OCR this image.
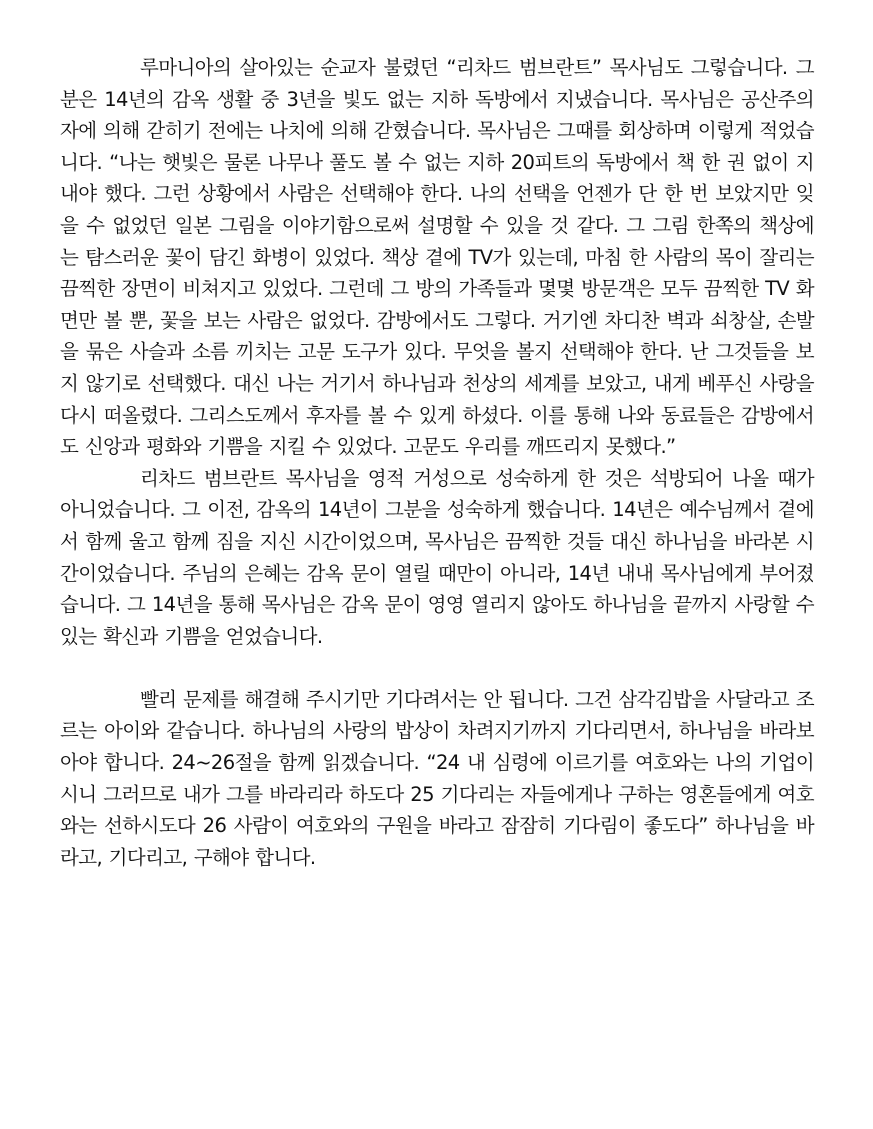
루마니아의 살아있는 순교자 불렸던 “리차드 범브란트” 목사님도 그렇습니다. 그분은 14년의 감옥 생활 중 3년을 빛도 없는 지하 독방에서 지냈습니다. 목사님은 공산주의자에 의해 갇히기 전에는 나치에 의해 갇혔습니다. 목사님은 그때를 회상하며 이렇게 적었습니다. “나는 햇빛은 물론 나무나 풀도 볼 수 없는 지하 20피트의 독방에서 책 한 권 없이 지내야 했다. 그런 상황에서 사람은 선택해야 한다. 나의 선택을 언젠가 단 한 번 보았지만 잊을 수 없었던 일본 그림을 이야기함으로써 설명할 수 있을 것 같다. 그 그림 한쪽의 책상에는 탐스러운 꽃이 담긴 화병이 있었다. 책상 곁에 TV가 있는데, 마침 한 사람의 목이 잘리는 끔찍한 장면이 비쳐지고 있었다. 그런데 그 방의 가족들과 몇몇 방문객은 모두 끔찍한 TV 화면만 볼 뿐, 꽃을 보는 사람은 없었다. 감방에서도 그렇다. 거기엔 차디찬 벽과 쇠창살, 손발을 묶은 사슬과 소름 끼치는 고문 도구가 있다. 무엇을 볼지 선택해야 한다. 난 그것들을 보지 않기로 선택했다. 대신 나는 거기서 하나님과 천상의 세계를 보았고, 내게 베푸신 사랑을 다시 떠올렸다. 그리스도께서 후자를 볼 수 있게 하셨다. 이를 통해 나와 동료들은 감방에서도 신앙과 평화와 기쁨을 지킬 수 있었다. 고문도 우리를 깨뜨리지 못했다.”

리차드 범브란트 목사님을 영적 거성으로 성숙하게 한 것은 석방되어 나올 때가 아니었습니다. 그 이전, 감옥의 14년이 그분을 성숙하게 했습니다. 14년은 예수님께서 곁에서 함께 울고 함께 짐을 지신 시간이었으며, 목사님은 끔찍한 것들 대신 하나님을 바라본 시간이었습니다. 주님의 은혜는 감옥 문이 열릴 때만이 아니라, 14년 내내 목사님에게 부어졌습니다. 그 14년을 통해 목사님은 감옥 문이 영영 열리지 않아도 하나님을 끝까지 사랑할 수 있는 확신과 기쁨을 얻었습니다.

빨리 문제를 해결해 주시기만 기다려서는 안 됩니다. 그건 삼각김밥을 사달라고 조르는 아이와 같습니다. 하나님의 사랑의 밥상이 차려지기까지 기다리면서, 하나님을 바라보아야 합니다. 24~26절을 함께 읽겠습니다. “24 내 심령에 이르기를 여호와는 나의 기업이시니 그러므로 내가 그를 바라리라 하도다 25 기다리는 자들에게나 구하는 영혼들에게 여호와는 선하시도다 26 사람이 여호와의 구원을 바라고 잠잠히 기다림이 좋도다” 하나님을 바라고, 기다리고, 구해야 합니다.
